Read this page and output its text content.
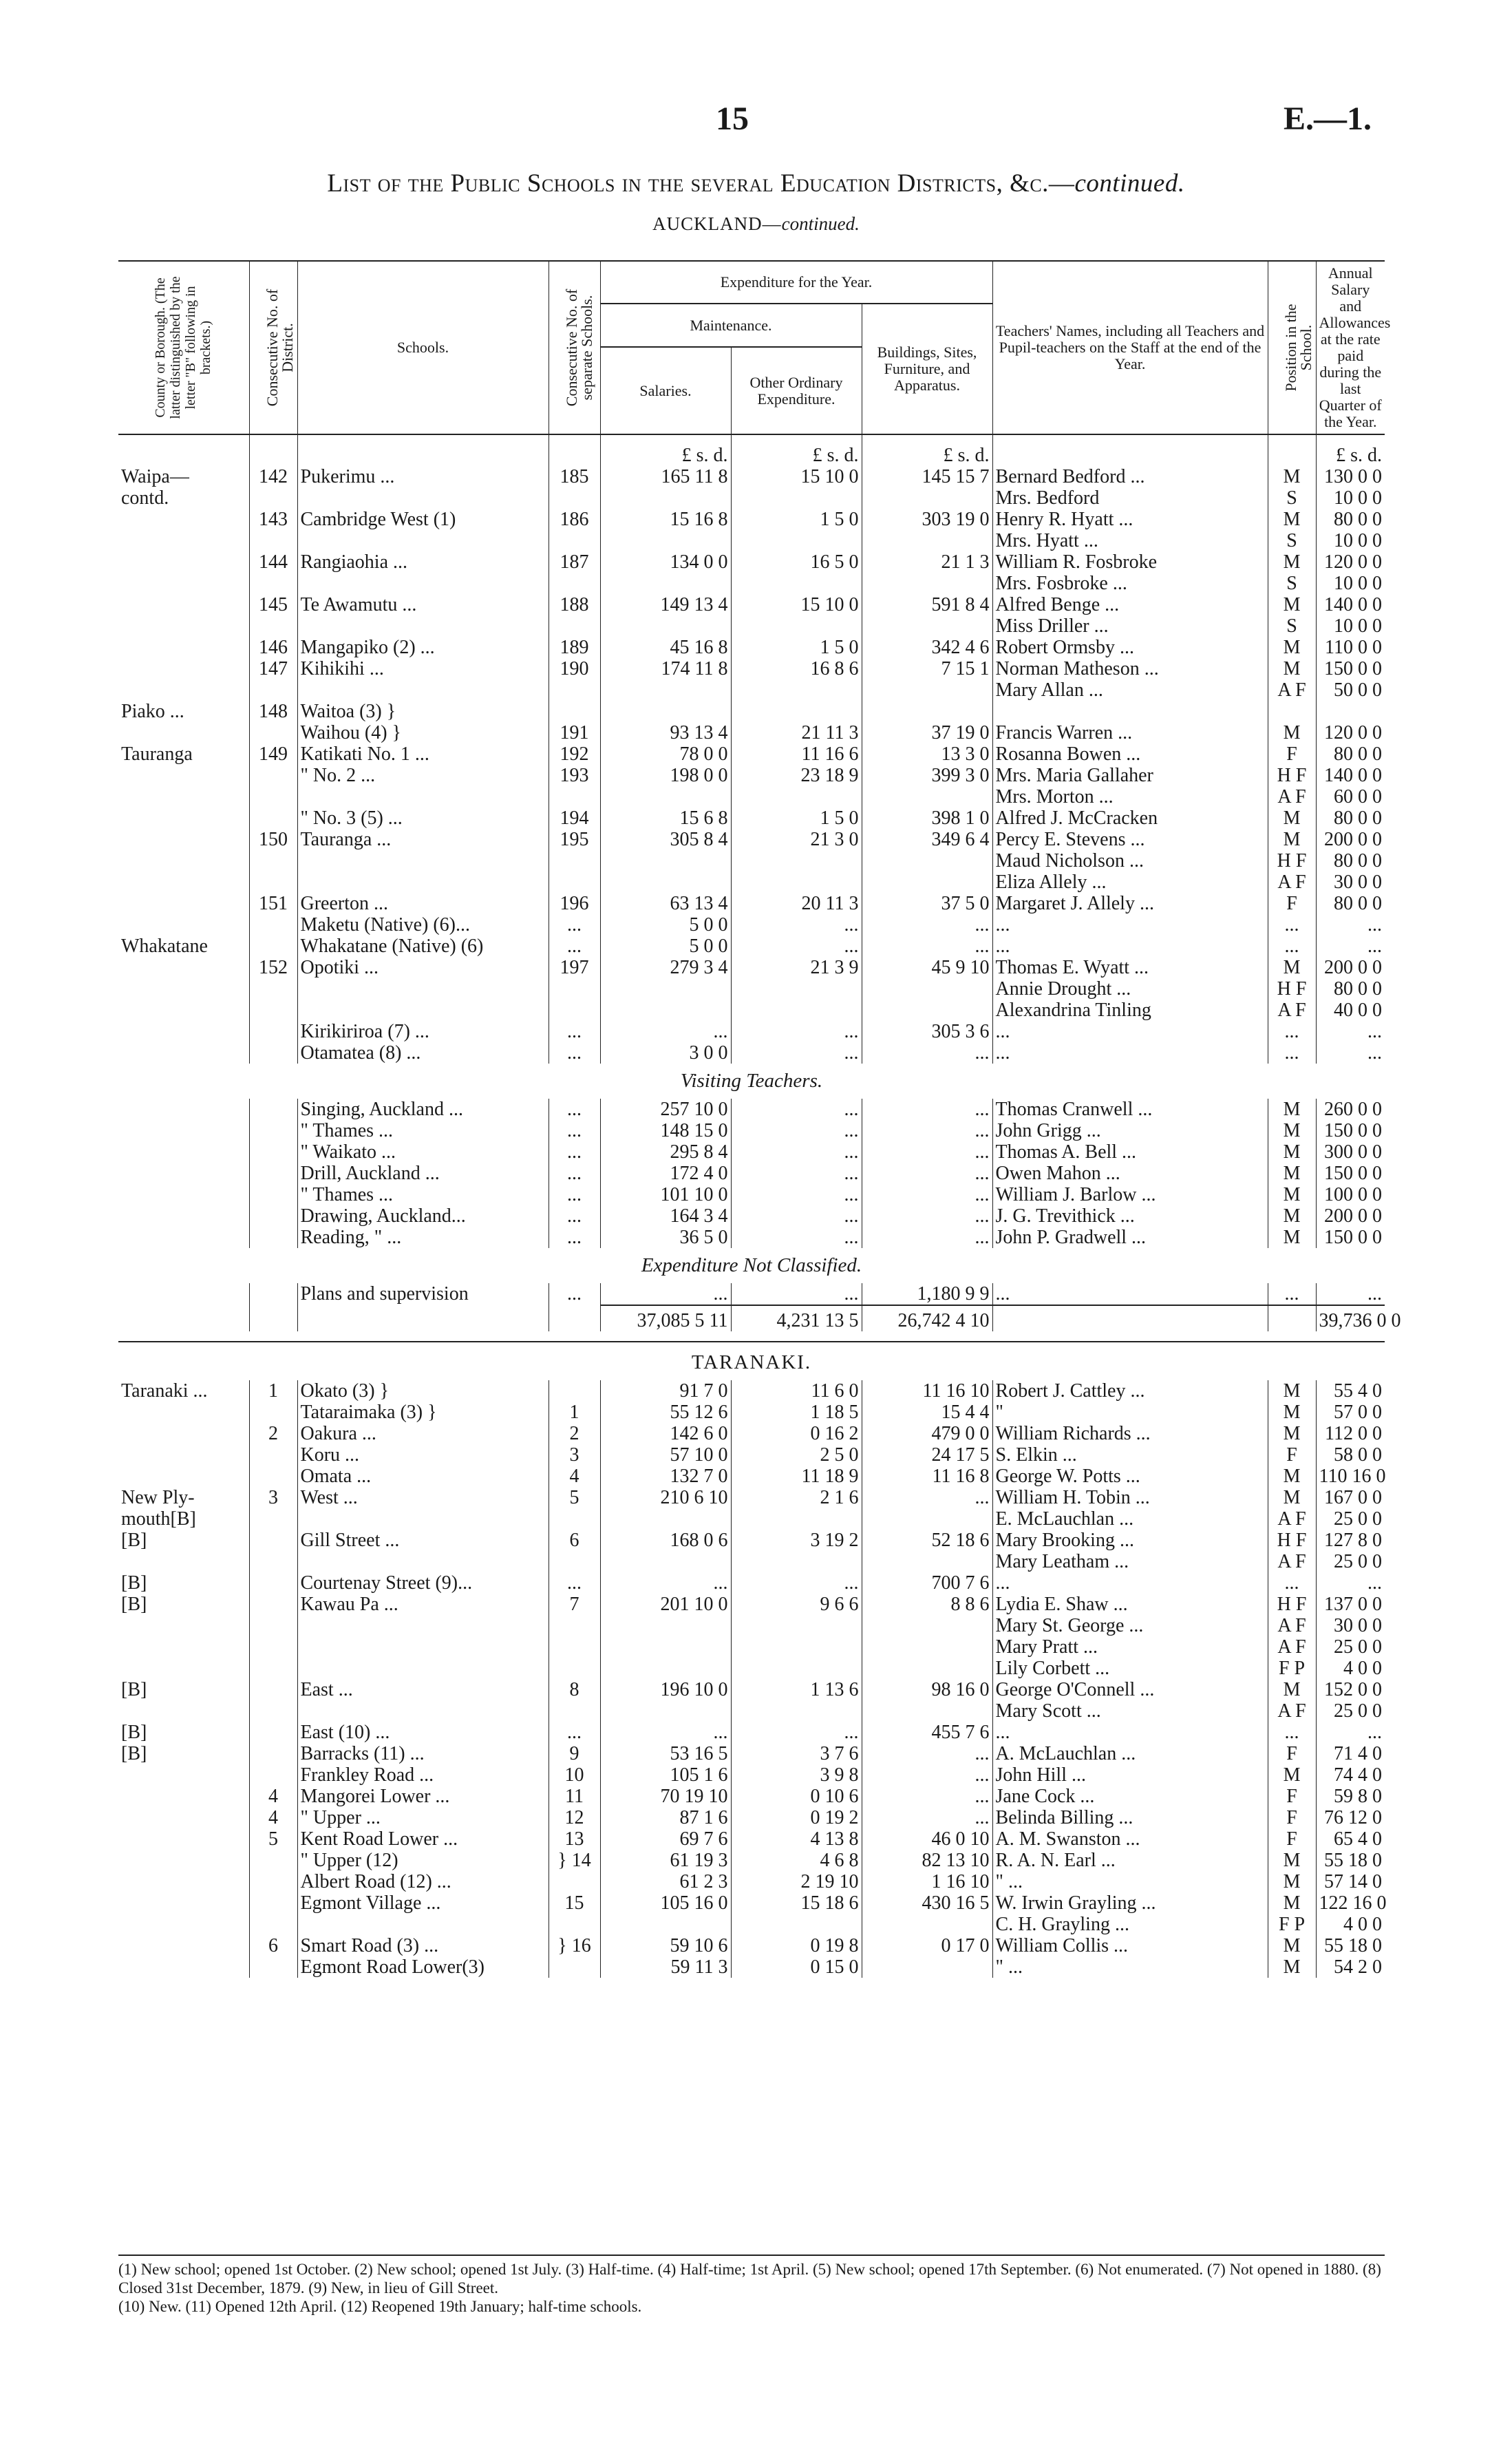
15	E.—1.
List of the Public Schools in the several Education Districts, &c.—continued.
AUCKLAND—continued.
County or Borough. (The latter distinguished by the letter "B" following in brackets.)	Consecutive No. of District.	Schools.	Consecutive No. of separate Schools.	Expenditure for the Year.			Teachers' Names, including all Teachers and Pupil-teachers on the Staff at the end of the Year.	Position in the School.	Annual Salary and Allowances at the rate paid during the last Quarter of the Year.
				Maintenance.		Buildings, Sites, Furniture, and Apparatus.			
				Salaries.	Other Ordinary Expenditure.				
				£ s. d.	£ s. d.	£ s. d.			£ s. d.
Waipa—	142	Pukerimu ...	185	165 11 8	15 10 0	145 15 7	Bernard Bedford ...	M	130 0 0
contd.							Mrs. Bedford	S	10 0 0
	143	Cambridge West (1)	186	15 16 8	1 5 0	303 19 0	Henry R. Hyatt ...	M	80 0 0
							Mrs. Hyatt ...	S	10 0 0
	144	Rangiaohia ...	187	134 0 0	16 5 0	21 1 3	William R. Fosbroke	M	120 0 0
							Mrs. Fosbroke ...	S	10 0 0
	145	Te Awamutu ...	188	149 13 4	15 10 0	591 8 4	Alfred Benge ...	M	140 0 0
							Miss Driller ...	S	10 0 0
	146	Mangapiko (2) ...	189	45 16 8	1 5 0	342 4 6	Robert Ormsby ...	M	110 0 0
	147	Kihikihi ...	190	174 11 8	16 8 6	7 15 1	Norman Matheson ...	M	150 0 0
							Mary Allan ...	A F	50 0 0
Piako ...	148	Waitoa (3) }							
		Waihou (4) }	191	93 13 4	21 11 3	37 19 0	Francis Warren ...	M	120 0 0
Tauranga	149	Katikati No. 1 ...	192	78 0 0	11 16 6	13 3 0	Rosanna Bowen ...	F	80 0 0
		" No. 2 ...	193	198 0 0	23 18 9	399 3 0	Mrs. Maria Gallaher	H F	140 0 0
							Mrs. Morton ...	A F	60 0 0
		" No. 3 (5) ...	194	15 6 8	1 5 0	398 1 0	Alfred J. McCracken	M	80 0 0
	150	Tauranga ...	195	305 8 4	21 3 0	349 6 4	Percy E. Stevens ...	M	200 0 0
							Maud Nicholson ...	H F	80 0 0
							Eliza Allely ...	A F	30 0 0
	151	Greerton ...	196	63 13 4	20 11 3	37 5 0	Margaret J. Allely ...	F	80 0 0
		Maketu (Native) (6)...	...	5 0 0	...	...	...	...	...
Whakatane		Whakatane (Native) (6)	...	5 0 0	...	...	...	...	...
	152	Opotiki ...	197	279 3 4	21 3 9	45 9 10	Thomas E. Wyatt ...	M	200 0 0
							Annie Drought ...	H F	80 0 0
							Alexandrina Tinling	A F	40 0 0

		Kirikiriroa (7) ...	...	...	...	305 3 6	...	...	...
		Otamatea (8) ...	...	3 0 0	...	...	...	...	...
Visiting Teachers.									
		Singing, Auckland ...	...	257 10 0	...	...	Thomas Cranwell ...	M	260 0 0
		" Thames ...	...	148 15 0	...	...	John Grigg ...	M	150 0 0
		" Waikato ...	...	295 8 4	...	...	Thomas A. Bell ...	M	300 0 0
		Drill, Auckland ...	...	172 4 0	...	...	Owen Mahon ...	M	150 0 0
		" Thames ...	...	101 10 0	...	...	William J. Barlow ...	M	100 0 0
		Drawing, Auckland...	...	164 3 4	...	...	J. G. Trevithick ...	M	200 0 0
		Reading, " ...	...	36 5 0	...	...	John P. Gradwell ...	M	150 0 0
Expenditure Not Classified.									
		Plans and supervision	...	...	...	1,180 9 9	...	...	...
				37,085 5 11	4,231 13 5	26,742 4 10			39,736 0 0

TARANAKI.									
Taranaki ...	1	Okato (3) }		91 7 0	11 6 0	11 16 10	Robert J. Cattley ...	M	55 4 0
		Tataraimaka (3) }	1	55 12 6	1 18 5	15 4 4	"	M	57 0 0
	2	Oakura ...	2	142 6 0	0 16 2	479 0 0	William Richards ...	M	112 0 0
		Koru ...	3	57 10 0	2 5 0	24 17 5	S. Elkin ...	F	58 0 0
		Omata ...	4	132 7 0	11 18 9	11 16 8	George W. Potts ...	M	110 16 0
New Ply-	3	West ...	5	210 6 10	2 1 6	...	William H. Tobin ...	M	167 0 0
mouth[B]							E. McLauchlan ...	A F	25 0 0
[B]		Gill Street ...	6	168 0 6	3 19 2	52 18 6	Mary Brooking ...	H F	127 8 0
							Mary Leatham ...	A F	25 0 0
[B]		Courtenay Street (9)...	...	...	...	700 7 6	...	...	...
[B]		Kawau Pa ...	7	201 10 0	9 6 6	8 8 6	Lydia E. Shaw ...	H F	137 0 0
							Mary St. George ...	A F	30 0 0
							Mary Pratt ...	A F	25 0 0
							Lily Corbett ...	F P	4 0 0
[B]		East ...	8	196 10 0	1 13 6	98 16 0	George O'Connell ...	M	152 0 0
							Mary Scott ...	A F	25 0 0
[B]		East (10) ...	...	...	...	455 7 6	...	...	...
[B]		Barracks (11) ...	9	53 16 5	3 7 6	...	A. McLauchlan ...	F	71 4 0
		Frankley Road ...	10	105 1 6	3 9 8	...	John Hill ...	M	74 4 0
	4	Mangorei Lower ...	11	70 19 10	0 10 6	...	Jane Cock ...	F	59 8 0
	4	" Upper ...	12	87 1 6	0 19 2	...	Belinda Billing ...	F	76 12 0
	5	Kent Road Lower ...	13	69 7 6	4 13 8	46 0 10	A. M. Swanston ...	F	65 4 0
		" Upper (12)	} 14	61 19 3	4 6 8	82 13 10	R. A. N. Earl ...	M	55 18 0
		Albert Road (12) ...		61 2 3	2 19 10	1 16 10	" ...	M	57 14 0
		Egmont Village ...	15	105 16 0	15 18 6	430 16 5	W. Irwin Grayling ...	M	122 16 0
							C. H. Grayling ...	F P	4 0 0
	6	Smart Road (3) ...	} 16	59 10 6	0 19 8	0 17 0	William Collis ...	M	55 18 0
		Egmont Road Lower(3)		59 11 3	0 15 0		" ...	M	54 2 0
(1) New school; opened 1st October. (2) New school; opened 1st July. (3) Half-time. (4) Half-time; 1st April. (5) New school; opened 17th September. (6) Not enumerated. (7) Not opened in 1880. (8) Closed 31st December, 1879. (9) New, in lieu of Gill Street.
(10) New. (11) Opened 12th April. (12) Reopened 19th January; half-time schools.
